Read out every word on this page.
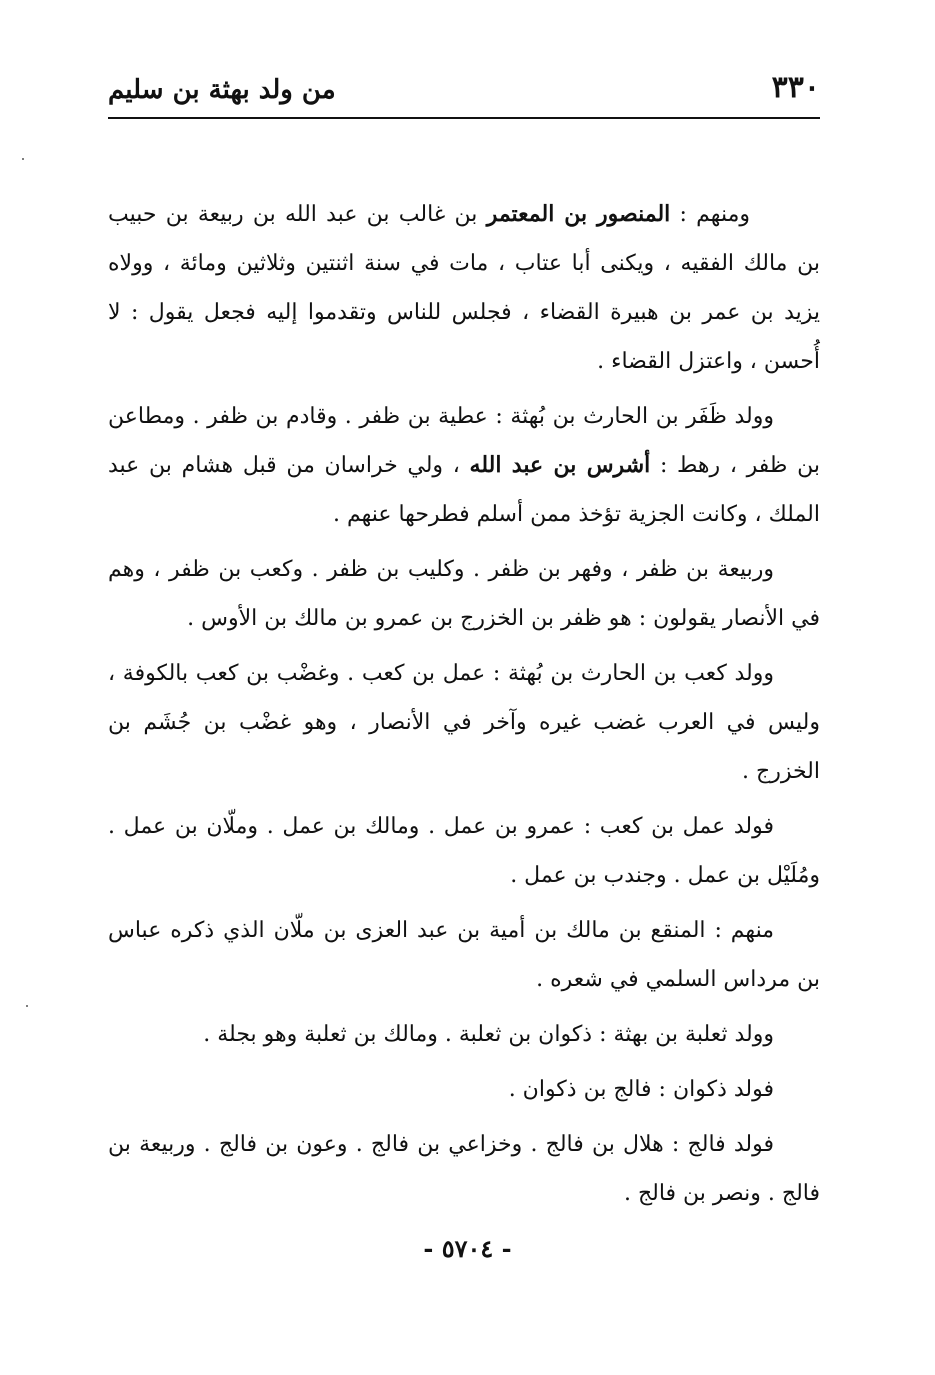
٣٣٠
من ولد بهثة بن سليم

ومنهم : المنصور بن المعتمر بن غالب بن عبد الله بن ربيعة بن حبيب بن مالك الفقيه ، ويكنى أبا عتاب ، مات في سنة اثنتين وثلاثين ومائة ، وولاه يزيد بن عمر بن هبيرة القضاء ، فجلس للناس وتقدموا إليه فجعل يقول : لا أُحسن ، واعتزل القضاء .

وولد ظَفَر بن الحارث بن بُهثة : عطية بن ظفر . وقادم بن ظفر . ومطاعن بن ظفر ، رهط : أشرس بن عبد الله ، ولي خراسان من قبل هشام بن عبد الملك ، وكانت الجزية تؤخذ ممن أسلم فطرحها عنهم .

وربيعة بن ظفر ، وفهر بن ظفر . وكليب بن ظفر . وكعب بن ظفر ، وهم في الأنصار يقولون : هو ظفر بن الخزرج بن عمرو بن مالك بن الأوس .

وولد كعب بن الحارث بن بُهثة : عمل بن كعب . وغضْب بن كعب بالكوفة ، وليس في العرب غضب غيره وآخر في الأنصار ، وهو غضْب بن جُشَم بن الخزرج .

فولد عمل بن كعب : عمرو بن عمل . ومالك بن عمل . وملّان بن عمل . ومُلَيْل بن عمل . وجندب بن عمل .

منهم : المنقع بن مالك بن أمية بن عبد العزى بن ملّان الذي ذكره عباس بن مرداس السلمي في شعره .

وولد ثعلبة بن بهثة : ذكوان بن ثعلبة . ومالك بن ثعلبة وهو بجلة .

فولد ذكوان : فالج بن ذكوان .

فولد فالج : هلال بن فالج . وخزاعي بن فالج . وعون بن فالج . وربيعة بن فالج . ونصر بن فالج .

- ٥٧٠٤ -
